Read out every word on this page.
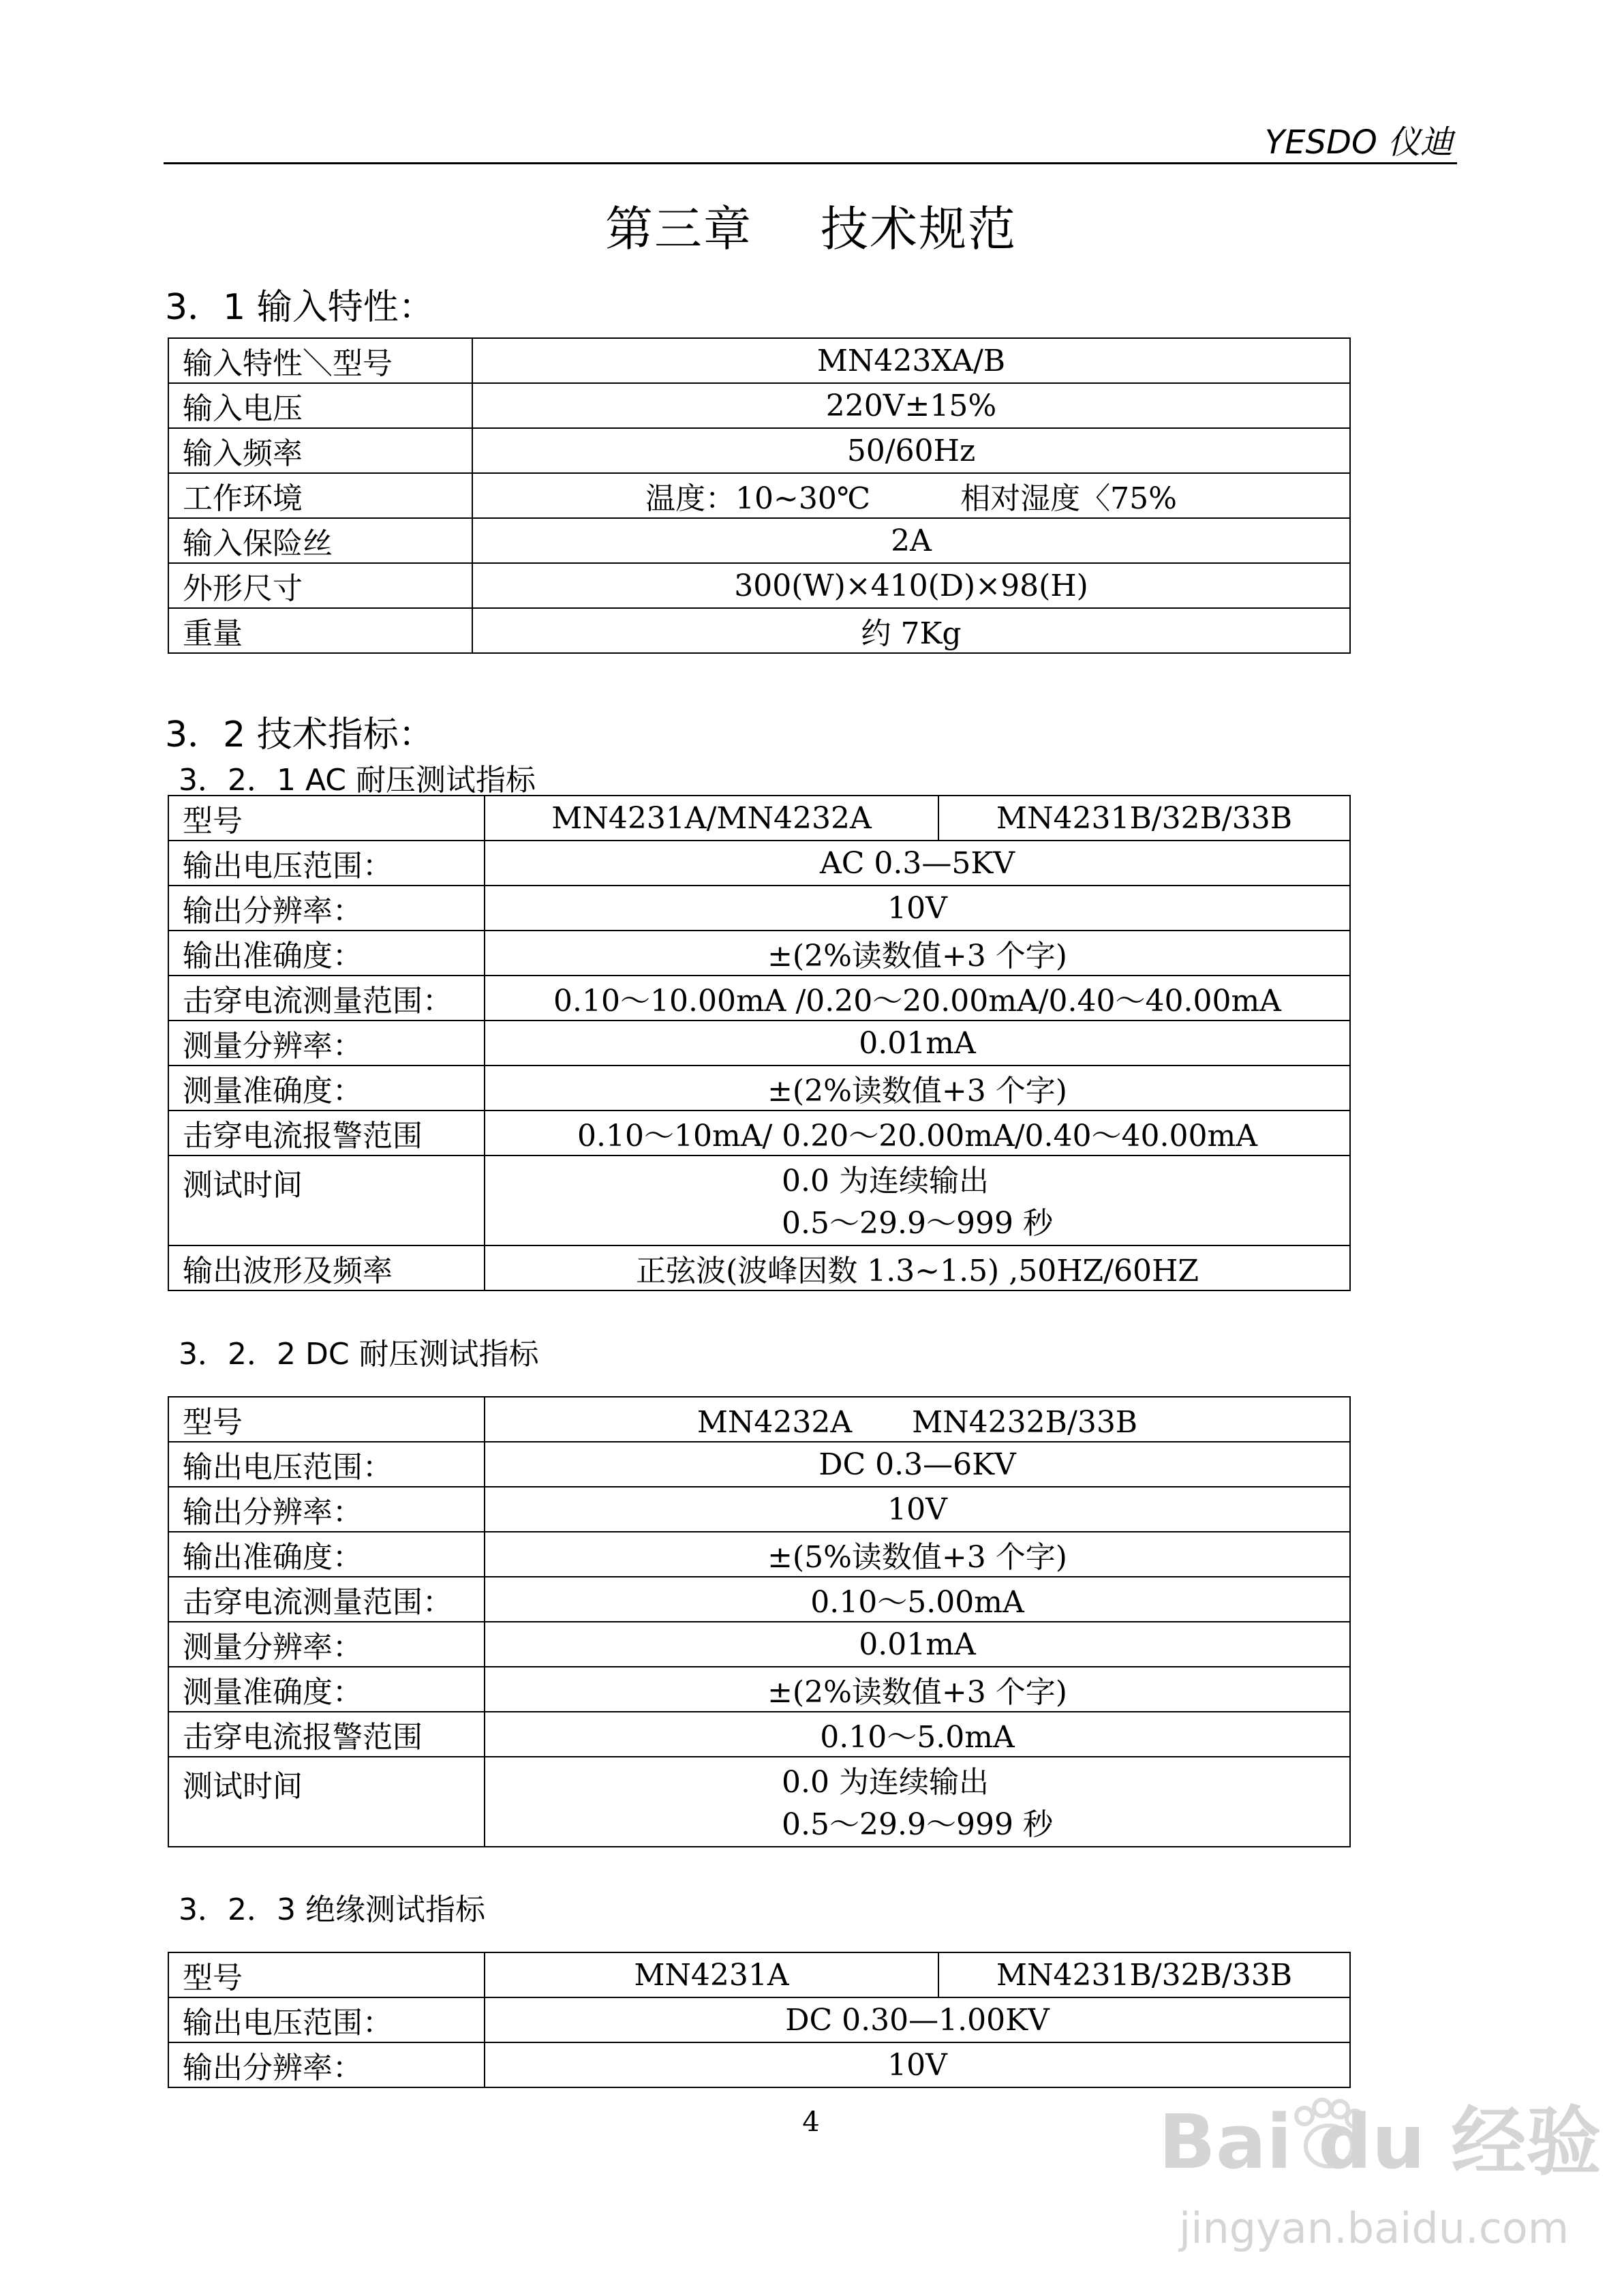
YESDO 仪迪
第三章 技术规范
3．1 输入特性：
输入特性＼型号	MN423XA/B
输入电压	220V±15%
输入频率	50/60Hz
工作环境	温度：10~30℃　　　相对湿度〈75%
输入保险丝	2A
外形尺寸	300(W)×410(D)×98(H)
重量	约 7Kg
3．2 技术指标：
3．2．1 AC 耐压测试指标
型号	MN4231A/MN4232A	MN4231B/32B/33B
输出电压范围：	AC 0.3—5KV	
输出分辨率：	10V	
输出准确度：	±(2%读数值+3 个字)	
击穿电流测量范围：	0.10～10.00mA /0.20～20.00mA/0.40～40.00mA	
测量分辨率：	0.01mA	
测量准确度：	±(2%读数值+3 个字)	
击穿电流报警范围	0.10～10mA/ 0.20～20.00mA/0.40～40.00mA	
测试时间	0.0 为连续输出
0.5～29.9～999 秒	
输出波形及频率	正弦波(波峰因数 1.3~1.5) ,50HZ/60HZ	
3．2．2 DC 耐压测试指标
型号	MN4232A　　MN4232B/33B
输出电压范围：	DC 0.3—6KV
输出分辨率：	10V
输出准确度：	±(5%读数值+3 个字)
击穿电流测量范围：	0.10～5.00mA
测量分辨率：	0.01mA
测量准确度：	±(2%读数值+3 个字)
击穿电流报警范围	0.10～5.0mA
测试时间	0.0 为连续输出
0.5～29.9～999 秒
3．2．3 绝缘测试指标
型号	MN4231A	MN4231B/32B/33B
输出电压范围：	DC 0.30—1.00KV	
输出分辨率：	10V	
4	Bai du 经验
jingyan.baidu.com
